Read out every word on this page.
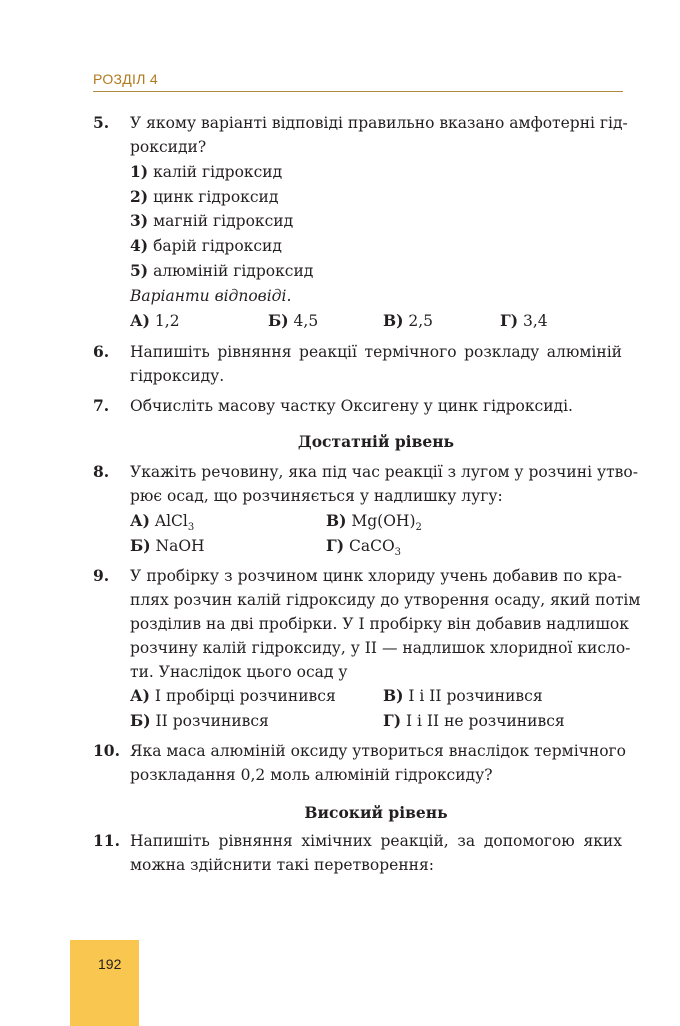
РОЗДІЛ 4
5. У якому варіанті відповіді правильно вказано амфотерні гід-
роксиди?
1) калій гідроксид
2) цинк гідроксид
3) магній гідроксид
4) барій гідроксид
5) алюміній гідроксид
Варіанти відповіді.
А) 1,2	Б) 4,5	В) 2,5	Г) 3,4
6. Напишіть рівняння реакції термічного розкладу алюміній
гідроксиду.
7. Обчисліть масову частку Оксигену у цинк гідроксиді.
Достатній рівень
8. Укажіть речовину, яка під час реакції з лугом у розчині утво-
рює осад, що розчиняється у надлишку лугу:
А) AlCl$_3$	В) $Mg(OH)_2$
Б) NaOH	Г) CaCO$_3$
9. У пробірку з розчином цинк хлориду учень добавив по кра-
плях розчин калій гідроксиду до утворення осаду, який потім
розділив на дві пробірки. У І пробірку він добавив надлишок
розчину калій гідроксиду, у ІІ — надлишок хлоридної кисло-
ти. Унаслідок цього осад у
А) І пробірці розчинився	В) І і ІІ розчинився
Б) ІІ розчинився	Г) І і ІІ не розчинився
10. Яка маса алюміній оксиду утвориться внаслідок термічного
розкладання 0,2 моль алюміній гідроксиду?
Високий рівень
11. Напишіть рівняння хімічних реакцій, за допомогою яких
можна здійснити такі перетворення:
192
